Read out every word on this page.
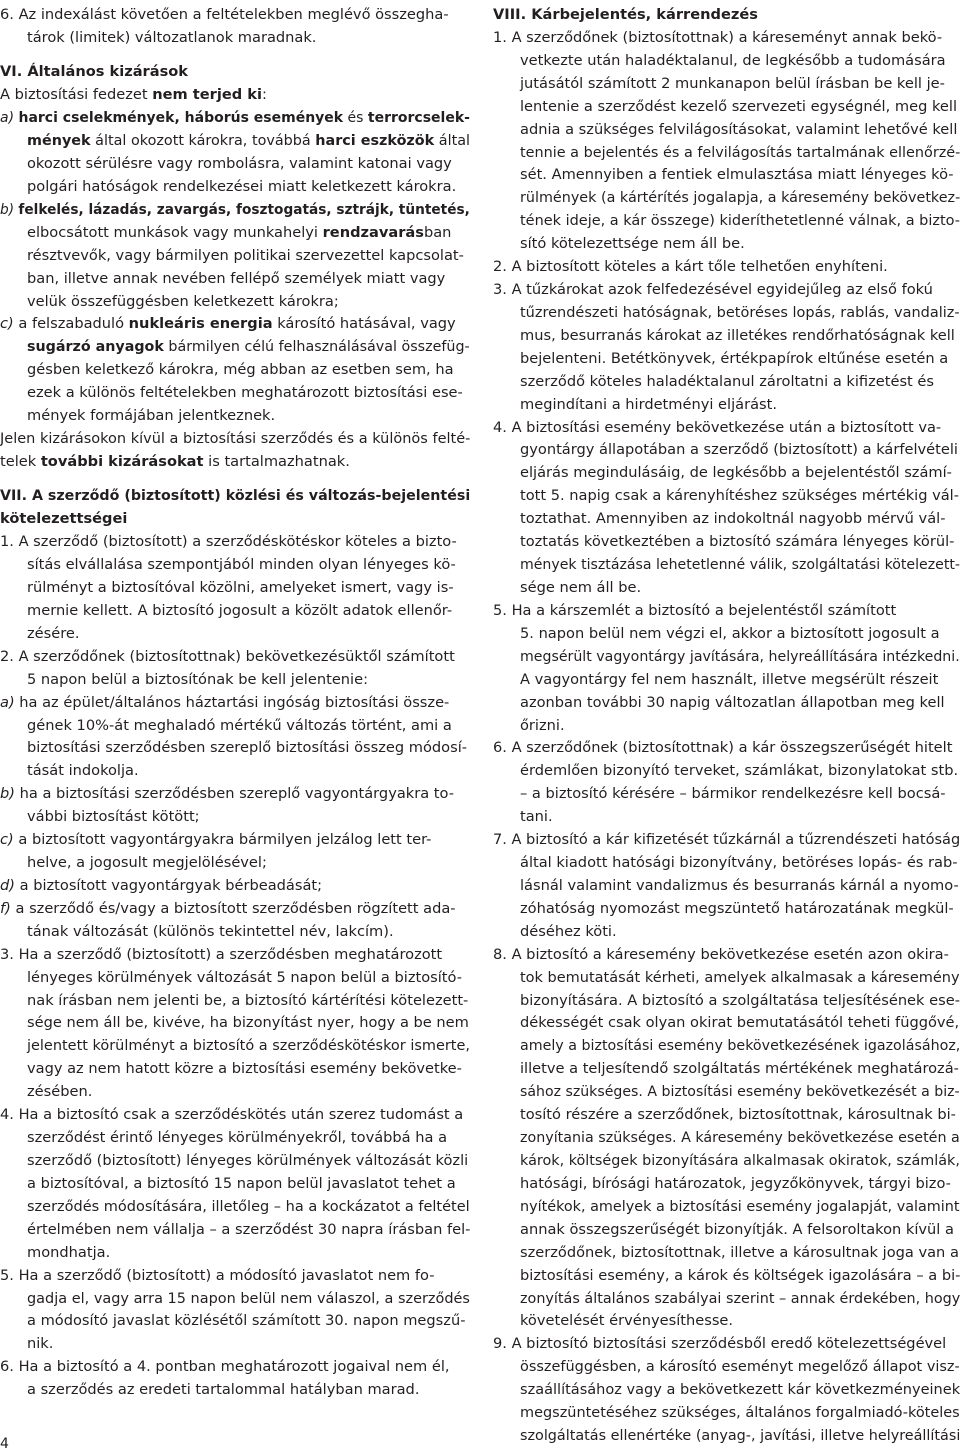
6. Az indexálást követően a feltételekben meglévő összegha-
tárok (limitek) változatlanok maradnak.
VI. Általános kizárások
A biztosítási fedezet nem terjed ki:
a) harci cselekmények, háborús események és terrorcselek-
mények által okozott károkra, továbbá harci eszközök által
okozott sérülésre vagy rombolásra, valamint katonai vagy
polgári hatóságok rendelkezései miatt keletkezett károkra.
b) felkelés, lázadás, zavargás, fosztogatás, sztrájk, tüntetés,
elbocsátott munkások vagy munkahelyi rendzavarásban
résztvevők, vagy bármilyen politikai szervezettel kapcsolat-
ban, illetve annak nevében fellépő személyek miatt vagy
velük összefüggésben keletkezett károkra;
c) a felszabaduló nukleáris energia károsító hatásával, vagy
sugárzó anyagok bármilyen célú felhasználásával összefüg-
gésben keletkező károkra, még abban az esetben sem, ha
ezek a különös feltételekben meghatározott biztosítási ese-
mények formájában jelentkeznek.
Jelen kizárásokon kívül a biztosítási szerződés és a különös felté-
telek további kizárásokat is tartalmazhatnak.
VII. A szerződő (biztosított) közlési és változás-bejelentési
kötelezettségei
1. A szerződő (biztosított) a szerződéskötéskor köteles a bizto-
sítás elvállalása szempontjából minden olyan lényeges kö-
rülményt a biztosítóval közölni, amelyeket ismert, vagy is-
mernie kellett. A biztosító jogosult a közölt adatok ellenőr-
zésére.
2. A szerződőnek (biztosítottnak) bekövetkezésüktől számított
5 napon belül a biztosítónak be kell jelentenie:
a) ha az épület/általános háztartási ingóság biztosítási össze-
gének 10%-át meghaladó mértékű változás történt, ami a
biztosítási szerződésben szereplő biztosítási összeg módosí-
tását indokolja.
b) ha a biztosítási szerződésben szereplő vagyontárgyakra to-
vábbi biztosítást kötött;
c) a biztosított vagyontárgyakra bármilyen jelzálog lett ter-
helve, a jogosult megjelölésével;
d) a biztosított vagyontárgyak bérbeadását;
f) a szerződő és/vagy a biztosított szerződésben rögzített ada-
tának változását (különös tekintettel név, lakcím).
3. Ha a szerződő (biztosított) a szerződésben meghatározott
lényeges körülmények változását 5 napon belül a biztosító-
nak írásban nem jelenti be, a biztosító kártérítési kötelezett-
sége nem áll be, kivéve, ha bizonyítást nyer, hogy a be nem
jelentett körülményt a biztosító a szerződéskötéskor ismerte,
vagy az nem hatott közre a biztosítási esemény bekövetke-
zésében.
4. Ha a biztosító csak a szerződéskötés után szerez tudomást a
szerződést érintő lényeges körülményekről, továbbá ha a
szerződő (biztosított) lényeges körülmények változását közli
a biztosítóval, a biztosító 15 napon belül javaslatot tehet a
szerződés módosítására, illetőleg – ha a kockázatot a feltétel
értelmében nem vállalja – a szerződést 30 napra írásban fel-
mondhatja.
5. Ha a szerződő (biztosított) a módosító javaslatot nem fo-
gadja el, vagy arra 15 napon belül nem válaszol, a szerződés
a módosító javaslat közlésétől számított 30. napon megszű-
nik.
6. Ha a biztosító a 4. pontban meghatározott jogaival nem él,
a szerződés az eredeti tartalommal hatályban marad.
VIII. Kárbejelentés, kárrendezés
1. A szerződőnek (biztosítottnak) a káreseményt annak bekö-
vetkezte után haladéktalanul, de legkésőbb a tudomására
jutásától számított 2 munkanapon belül írásban be kell je-
lentenie a szerződést kezelő szervezeti egységnél, meg kell
adnia a szükséges felvilágosításokat, valamint lehetővé kell
tennie a bejelentés és a felvilágosítás tartalmának ellenőrzé-
sét. Amennyiben a fentiek elmulasztása miatt lényeges kö-
rülmények (a kártérítés jogalapja, a káresemény bekövetkez-
tének ideje, a kár összege) kideríthetetlenné válnak, a bizto-
sító kötelezettsége nem áll be.
2. A biztosított köteles a kárt tőle telhetően enyhíteni.
3. A tűzkárokat azok felfedezésével egyidejűleg az első fokú
tűzrendészeti hatóságnak, betöréses lopás, rablás, vandaliz-
mus, besurranás károkat az illetékes rendőrhatóságnak kell
bejelenteni. Betétkönyvek, értékpapírok eltűnése esetén a
szerződő köteles haladéktalanul zároltatni a kifizetést és
megindítani a hirdetményi eljárást.
4. A biztosítási esemény bekövetkezése után a biztosított va-
gyontárgy állapotában a szerződő (biztosított) a kárfelvételi
eljárás megindulásáig, de legkésőbb a bejelentéstől számí-
tott 5. napig csak a kárenyhítéshez szükséges mértékig vál-
toztathat. Amennyiben az indokoltnál nagyobb mérvű vál-
toztatás következtében a biztosító számára lényeges körül-
mények tisztázása lehetetlenné válik, szolgáltatási kötelezett-
sége nem áll be.
5. Ha a kárszemlét a biztosító a bejelentéstől számított
5. napon belül nem végzi el, akkor a biztosított jogosult a
megsérült vagyontárgy javítására, helyreállítására intézkedni.
A vagyontárgy fel nem használt, illetve megsérült részeit
azonban további 30 napig változatlan állapotban meg kell
őrizni.
6. A szerződőnek (biztosítottnak) a kár összegszerűségét hitelt
érdemlően bizonyító terveket, számlákat, bizonylatokat stb.
– a biztosító kérésére – bármikor rendelkezésre kell bocsá-
tani.
7. A biztosító a kár kifizetését tűzkárnál a tűzrendészeti hatóság
által kiadott hatósági bizonyítvány, betöréses lopás- és rab-
lásnál valamint vandalizmus és besurranás kárnál a nyomo-
zóhatóság nyomozást megszüntető határozatának megkül-
déséhez köti.
8. A biztosító a káresemény bekövetkezése esetén azon okira-
tok bemutatását kérheti, amelyek alkalmasak a káresemény
bizonyítására. A biztosító a szolgáltatása teljesítésének ese-
dékességét csak olyan okirat bemutatásától teheti függővé,
amely a biztosítási esemény bekövetkezésének igazolásához,
illetve a teljesítendő szolgáltatás mértékének meghatározá-
sához szükséges. A biztosítási esemény bekövetkezését a biz-
tosító részére a szerződőnek, biztosítottnak, károsultnak bi-
zonyítania szükséges. A káresemény bekövetkezése esetén a
károk, költségek bizonyítására alkalmasak okiratok, számlák,
hatósági, bírósági határozatok, jegyzőkönyvek, tárgyi bizo-
nyítékok, amelyek a biztosítási esemény jogalapját, valamint
annak összegszerűségét bizonyítják. A felsoroltakon kívül a
szerződőnek, biztosítottnak, illetve a károsultnak joga van a
biztosítási esemény, a károk és költségek igazolására – a bi-
zonyítás általános szabályai szerint – annak érdekében, hogy
követelését érvényesíthesse.
9. A biztosító biztosítási szerződésből eredő kötelezettségével
összefüggésben, a károsító eseményt megelőző állapot visz-
szaállításához vagy a bekövetkezett kár következményeinek
megszüntetéséhez szükséges, általános forgalmiadó-köteles
szolgáltatás ellenértéke (anyag-, javítási, illetve helyreállítási
4
